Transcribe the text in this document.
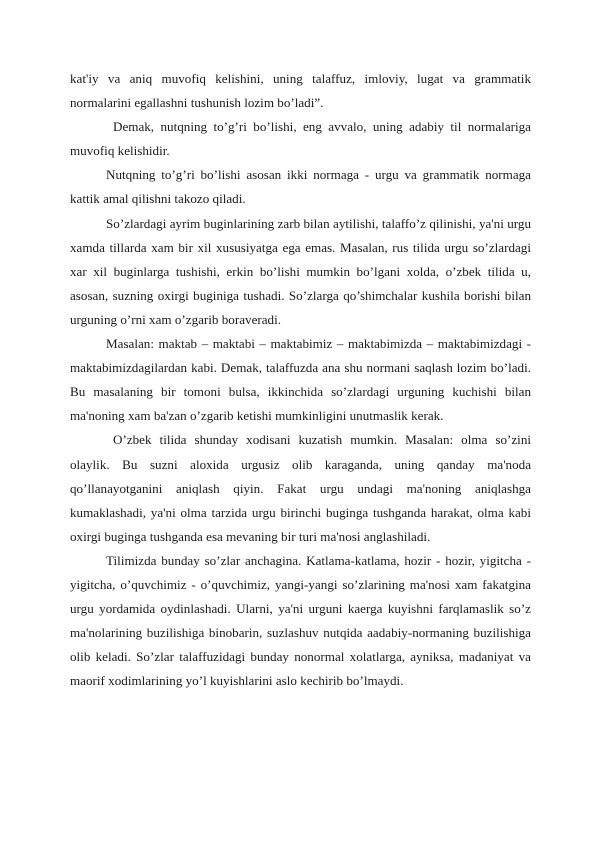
kat'iy va aniq muvofiq kelishini, uning talaffuz, imloviy, lugat va grammatik normalarini egallashni tushunish lozim bo’ladi”.

Demak, nutqning to’g’ri bo’lishi, eng avvalo, uning adabiy til normalariga muvofiq kelishidir.

Nutqning to’g’ri bo’lishi asosan ikki normaga - urgu va grammatik normaga kattik amal qilishni takozo qiladi.

So’zlardagi ayrim buginlarining zarb bilan aytilishi, talaffo’z qilinishi, ya'ni urgu xamda tillarda xam bir xil xususiyatga ega emas. Masalan, rus tilida urgu so’zlardagi xar xil buginlarga tushishi, erkin bo’lishi mumkin bo’lgani xolda, o’zbek tilida u, asosan, suzning oxirgi buginiga tushadi. So’zlarga qo’shimchalar kushila borishi bilan urguning o’rni xam o’zgarib boraveradi.

Masalan: maktab – maktabi – maktabimiz – maktabimizda – maktabimizdagi - maktabimizdagilardan kabi. Demak, talaffuzda ana shu normani saqlash lozim bo’ladi. Bu masalaning bir tomoni bulsa, ikkinchida so’zlardagi urguning kuchishi bilan ma'noning xam ba'zan o’zgarib ketishi mumkinligini unutmaslik kerak.

O’zbek tilida shunday xodisani kuzatish mumkin. Masalan: olma so’zini olaylik. Bu suzni aloxida urgusiz olib karaganda, uning qanday ma'noda qo’llanayotganini aniqlash qiyin. Fakat urgu undagi ma'noning aniqlashga kumaklashadi, ya'ni olma tarzida urgu birinchi buginga tushganda harakat, olma kabi oxirgi buginga tushganda esa mevaning bir turi ma'nosi anglashiladi.

Tilimizda bunday so’zlar anchagina. Katlama-katlama, hozir - hozir, yigitcha - yigitcha, o’quvchimiz - o’quvchimiz, yangi-yangi so’zlarining ma'nosi xam fakatgina urgu yordamida oydinlashadi. Ularni, ya'ni urguni kaerga kuyishni farqlamaslik so’z ma'nolarining buzilishiga binobarin, suzlashuv nutqida aadabiy-normaning buzilishiga olib keladi. So’zlar talaffuzidagi bunday nonormal xolatlarga, ayniksa, madaniyat va maorif xodimlarining yo’l kuyishlarini aslo kechirib bo’lmaydi.
